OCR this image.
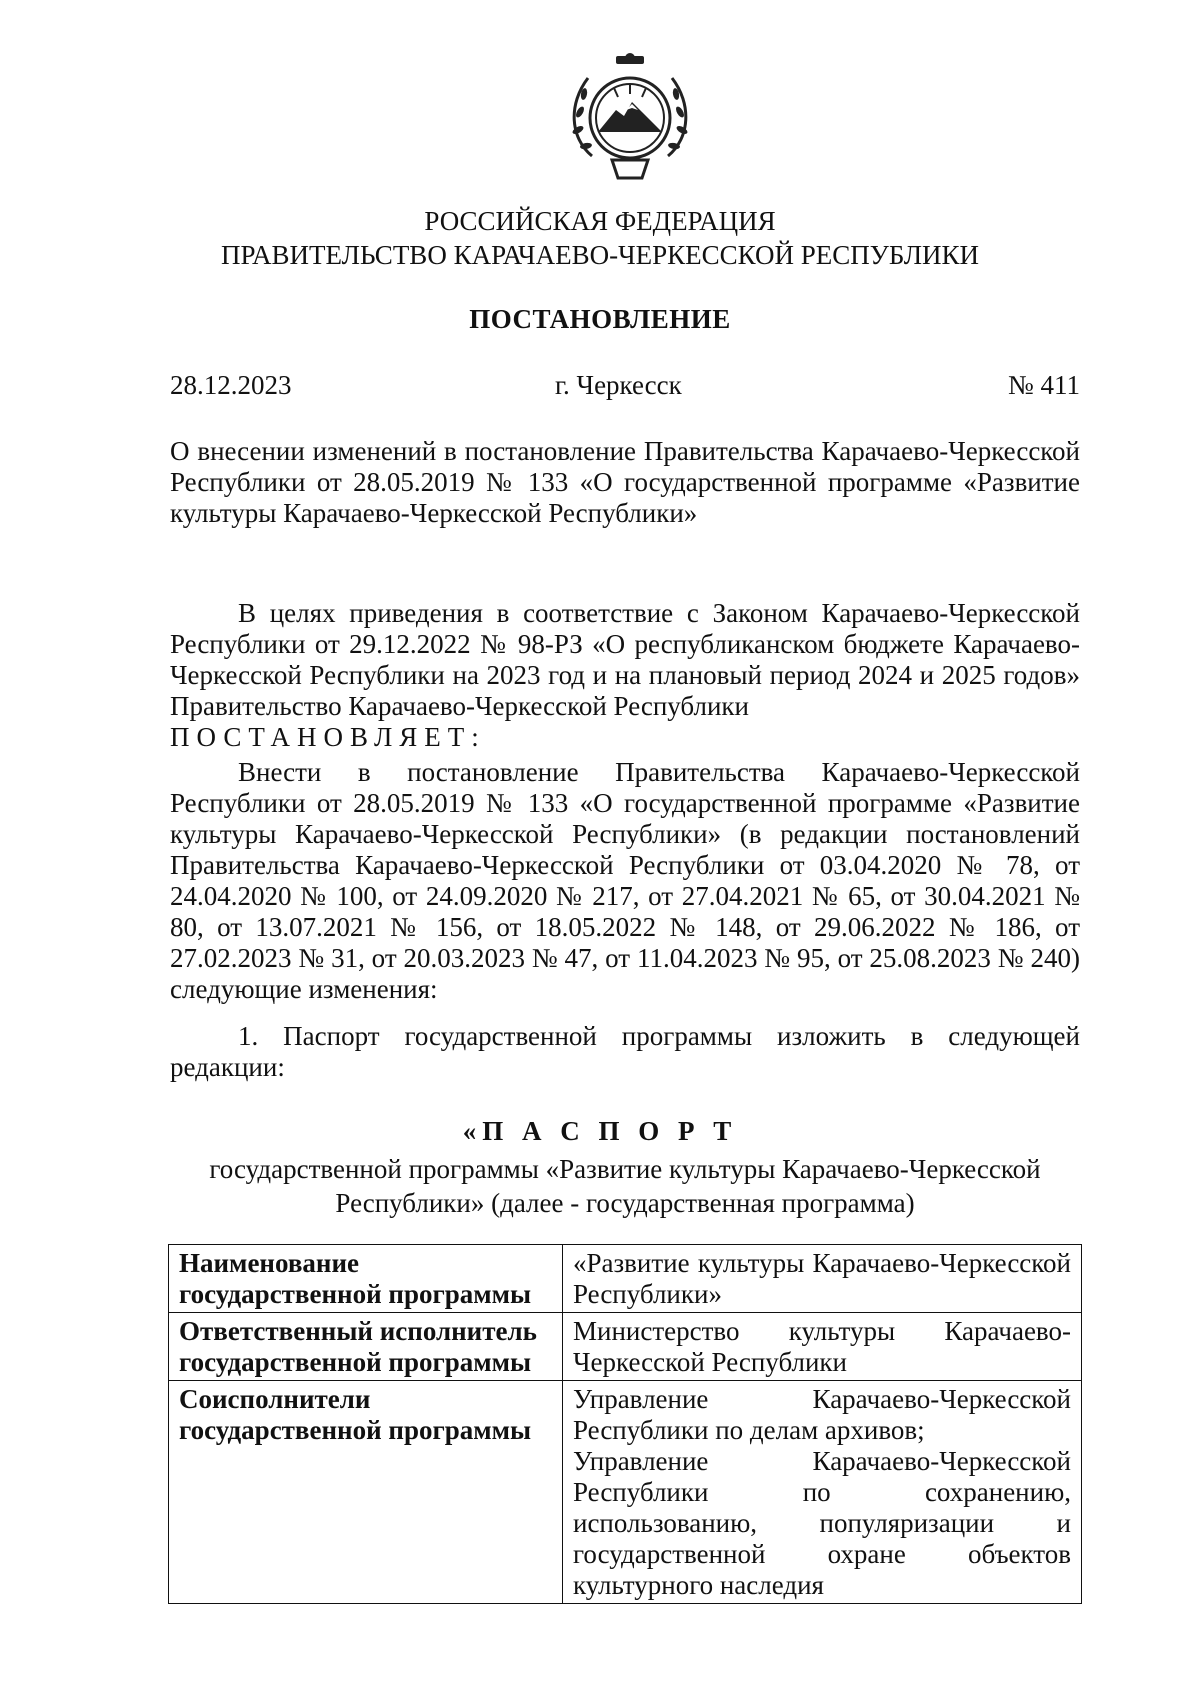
РОССИЙСКАЯ ФЕДЕРАЦИЯ
ПРАВИТЕЛЬСТВО КАРАЧАЕВО-ЧЕРКЕССКОЙ РЕСПУБЛИКИ
ПОСТАНОВЛЕНИЕ
28.12.2023	г. Черкесск	№ 411
О внесении изменений в постановление Правительства Карачаево-Черкесской Республики от 28.05.2019 № 133 «О государственной программе «Развитие культуры Карачаево-Черкесской Республики»
В целях приведения в соответствие с Законом Карачаево-Черкесской Республики от 29.12.2022 № 98-РЗ «О республиканском бюджете Карачаево-Черкесской Республики на 2023 год и на плановый период 2024 и 2025 годов» Правительство Карачаево-Черкесской Республики
ПОСТАНОВЛЯЕТ:
Внести в постановление Правительства Карачаево-Черкесской Республики от 28.05.2019 № 133 «О государственной программе «Развитие культуры Карачаево-Черкесской Республики» (в редакции постановлений Правительства Карачаево-Черкесской Республики от 03.04.2020 № 78, от 24.04.2020 № 100, от 24.09.2020 № 217, от 27.04.2021 № 65, от 30.04.2021 № 80, от 13.07.2021 № 156, от 18.05.2022 № 148, от 29.06.2022 № 186, от 27.02.2023 № 31, от 20.03.2023 № 47, от 11.04.2023 № 95, от 25.08.2023 № 240) следующие изменения:
1. Паспорт государственной программы изложить в следующей редакции:
«П А С П О Р Т
государственной программы «Развитие культуры Карачаево-Черкесской Республики» (далее - государственная программа)
Наименование государственной программы	«Развитие культуры Карачаево-Черкесской Республики»

Ответственный исполнитель государственной программы	Министерство культуры Карачаево-Черкесской Республики

Соисполнители государственной программы	Управление Карачаево-Черкесской Республики по делам архивов;
Управление Карачаево-Черкесской Республики по сохранению, использованию, популяризации и государственной охране объектов культурного наследия
